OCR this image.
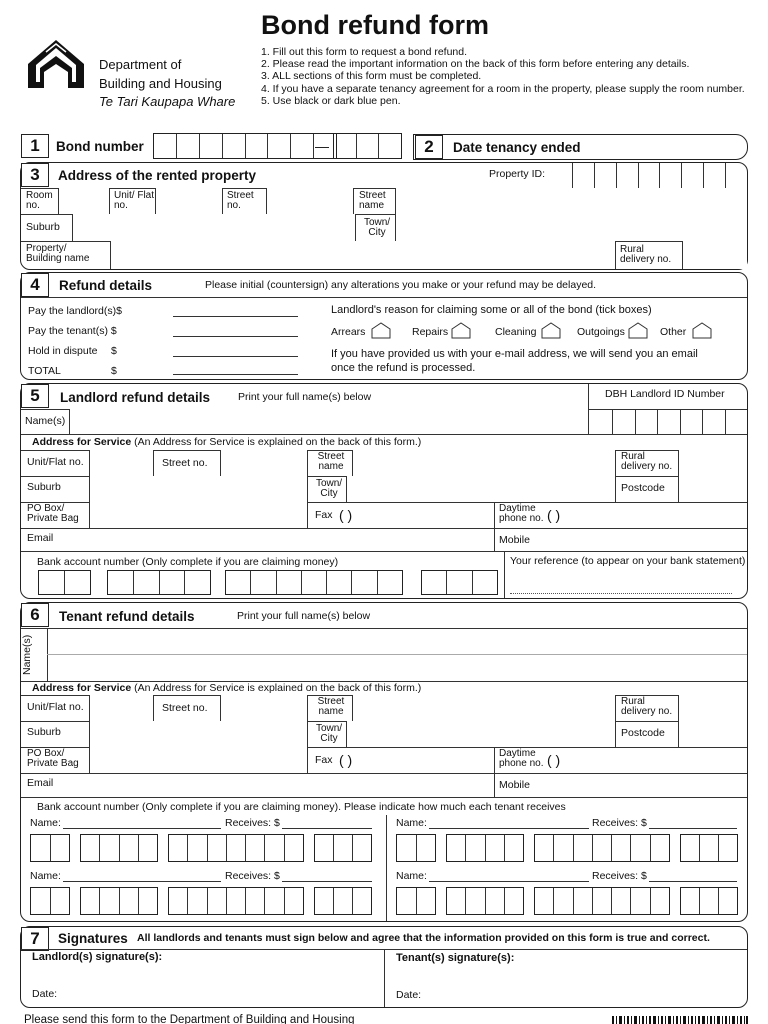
Department of
Building and Housing
Te Tari Kaupapa Whare
Bond refund form
1. Fill out this form to request a bond refund.
2. Please read the important information on the back of this form before entering any details.
3. ALL sections of this form must be completed.
4. If you have a separate tenancy agreement for a room in the property, please supply the room number.
5. Use black or dark blue pen.
1	Bond number	—	2	Date tenancy ended
3	Address of the rented property	Property ID:
Room no.
Unit/ Flat no.
Street no.
Street name
Suburb	Town/ City
Property/ Building name
Rural delivery no.
4	Refund details	Please initial (countersign) any alterations you make or your refund may be delayed.
Pay the landlord(s)$
Pay the tenant(s) $
Hold in dispute $
TOTAL	$
Landlord's reason for claiming some or all of the bond (tick boxes)
Arrears	Repairs	Cleaning	Outgoings	Other
If you have provided us with your e-mail address, we will send you an email
once the refund is processed.
5	Landlord refund details	Print your full name(s) below	DBH Landlord ID Number
Name(s)
Address for Service (An Address for Service is explained on the back of this form.)
Unit/Flat no.	Street no.
Street name
Rural delivery no.
Suburb	Town/ City	Postcode
PO Box/ Private Bag	Fax ( )	Daytime phone no. ( )
Email	Mobile
Bank account number (Only complete if you are claiming money)	Your reference (to appear on your bank statement)
6	Tenant refund details	Print your full name(s) below
Name(s)
Address for Service (An Address for Service is explained on the back of this form.)
Unit/Flat no.	Street no.
Street name
Rural delivery no.
Suburb	Town/ City	Postcode
PO Box/ Private Bag	Fax ( )	Daytime phone no. ( )
Email	Mobile
Bank account number (Only complete if you are claiming money). Please indicate how much each tenant receives
Name:	Receives: $	Name:	Receives: $
Name:	Receives: $	Name:	Receives: $
7	Signatures All landlords and tenants must sign below and agree that the information provided on this form is true and correct.
Landlord(s) signature(s):
Date:
Tenant(s) signature(s):
Date:
Please send this form to the Department of Building and Housing
